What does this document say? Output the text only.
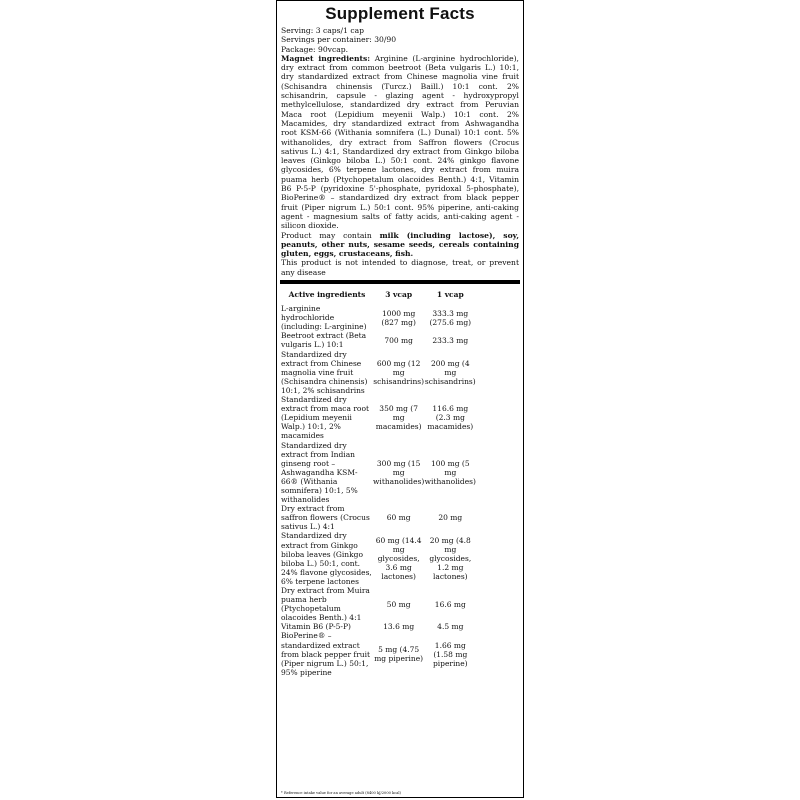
Supplement Facts
Serving: 3 caps/1 cap
Servings per container: 30/90
Package: 90vcap.
Magnet ingredients: Arginine (L-arginine hydrochloride), dry extract from common beetroot (Beta vulgaris L.) 10:1, dry standardized extract from Chinese magnolia vine fruit (Schisandra chinensis (Turcz.) Baill.) 10:1 cont. 2% schisandrin, capsule - glazing agent - hydroxypropyl methylcellulose, standardized dry extract from Peruvian Maca root (Lepidium meyenii Walp.) 10:1 cont. 2% Macamides, dry standardized extract from Ashwagandha root KSM-66 (Withania somnifera (L.) Dunal) 10:1 cont. 5% withanolides, dry extract from Saffron flowers (Crocus sativus L.) 4:1, Standardized dry extract from Ginkgo biloba leaves (Ginkgo biloba L.) 50:1 cont. 24% ginkgo flavone glycosides, 6% terpene lactones, dry extract from muira puama herb (Ptychopetalum olacoides Benth.) 4:1, Vitamin B6 P-5-P (pyridoxine 5'-phosphate, pyridoxal 5-phosphate), BioPerine® – standardized dry extract from black pepper fruit (Piper nigrum L.) 50:1 cont. 95% piperine, anti-caking agent - magnesium salts of fatty acids, anti-caking agent - silicon dioxide.
Product may contain milk (including lactose), soy, peanuts, other nuts, sesame seeds, cereals containing gluten, eggs, crustaceans, fish.
This product is not intended to diagnose, treat, or prevent any disease
Active ingredients	3 vcap	1 vcap	
L-arginine hydrochloride (including: L-arginine)	1000 mg (827 mg)	333.3 mg (275.6 mg)	
Beetroot extract (Beta vulgaris L.) 10:1	700 mg	233.3 mg	
Standardized dry extract from Chinese magnolia vine fruit (Schisandra chinensis) 10:1, 2% schisandrins	600 mg (12 mg schisandrins)	200 mg (4 mg schisandrins)	
Standardized dry extract from maca root (Lepidium meyenii Walp.) 10:1, 2% macamides	350 mg (7 mg macamides)	116.6 mg (2.3 mg macamides)	
Standardized dry extract from Indian ginseng root – Ashwagandha KSM-66® (Withania somnifera) 10:1, 5% withanolides	300 mg (15 mg withanolides)	100 mg (5 mg withanolides)	
Dry extract from saffron flowers (Crocus sativus L.) 4:1	60 mg	20 mg	
Standardized dry extract from Ginkgo biloba leaves (Ginkgo biloba L.) 50:1, cont. 24% flavone glycosides, 6% terpene lactones	60 mg (14.4 mg glycosides, 3.6 mg lactones)	20 mg (4.8 mg glycosides, 1.2 mg lactones)	
Dry extract from Muira puama herb (Ptychopetalum olacoides Benth.) 4:1	50 mg	16.6 mg	
Vitamin B6 (P-5-P)	13.6 mg	4.5 mg	
BioPerine® – standardized extract from black pepper fruit (Piper nigrum L.) 50:1, 95% piperine	5 mg (4.75 mg piperine)	1.66 mg (1.58 mg piperine)	
* Reference intake value for an average adult (8400 kJ/2000 kcal)
